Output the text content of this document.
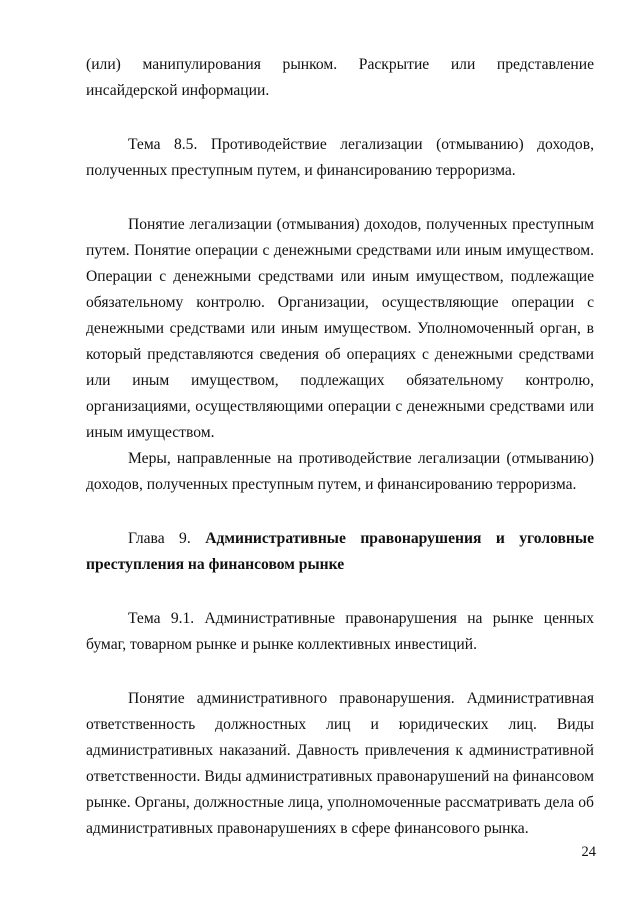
(или) манипулирования рынком. Раскрытие или представление инсайдерской информации.

Тема 8.5. Противодействие легализации (отмыванию) доходов, полученных преступным путем, и финансированию терроризма.

Понятие легализации (отмывания) доходов, полученных преступным путем. Понятие операции с денежными средствами или иным имуществом. Операции с денежными средствами или иным имуществом, подлежащие обязательному контролю. Организации, осуществляющие операции с денежными средствами или иным имуществом. Уполномоченный орган, в который представляются сведения об операциях с денежными средствами или иным имуществом, подлежащих обязательному контролю, организациями, осуществляющими операции с денежными средствами или иным имуществом.

Меры, направленные на противодействие легализации (отмыванию) доходов, полученных преступным путем, и финансированию терроризма.

Глава 9. Административные правонарушения и уголовные преступления на финансовом рынке

Тема 9.1. Административные правонарушения на рынке ценных бумаг, товарном рынке и рынке коллективных инвестиций.

Понятие административного правонарушения. Административная ответственность должностных лиц и юридических лиц. Виды административных наказаний. Давность привлечения к административной ответственности. Виды административных правонарушений на финансовом рынке. Органы, должностные лица, уполномоченные рассматривать дела об административных правонарушениях в сфере финансового рынка.

24
